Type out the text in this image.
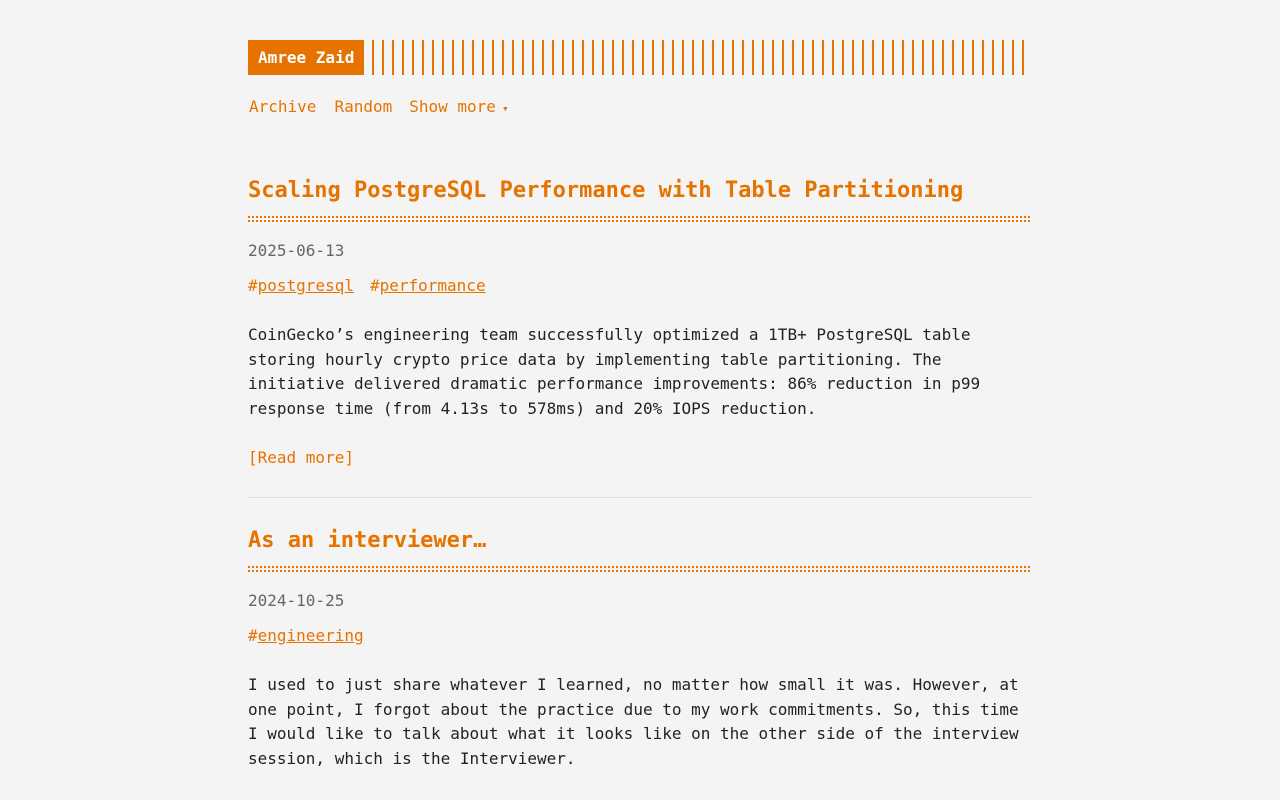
Amree Zaid
Archive Random Show more ▾
Scaling PostgreSQL Performance with Table Partitioning
2025-06-13
#postgresql #performance
CoinGecko’s engineering team successfully optimized a 1TB+ PostgreSQL table storing hourly crypto price data by implementing table partitioning. The initiative delivered dramatic performance improvements: 86% reduction in p99 response time (from 4.13s to 578ms) and 20% IOPS reduction.
[Read more]
As an interviewer…
2024-10-25
#engineering
I used to just share whatever I learned, no matter how small it was. However, at one point, I forgot about the practice due to my work commitments. So, this time I would like to talk about what it looks like on the other side of the interview session, which is the Interviewer.
